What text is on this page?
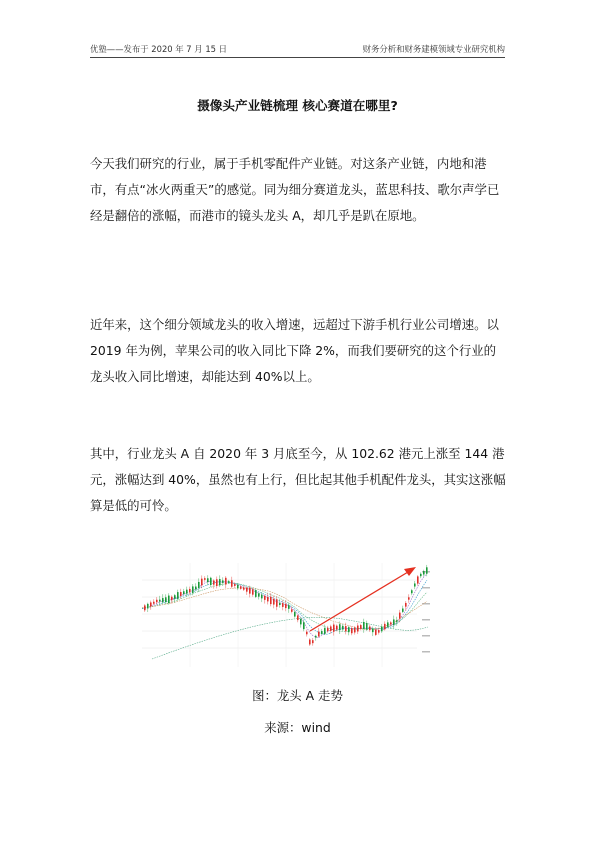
优塾——发布于 2020 年 7 月 15 日	财务分析和财务建模领域专业研究机构
摄像头产业链梳理 核心赛道在哪里?

今天我们研究的行业，属于手机零配件产业链。对这条产业链，内地和港市，有点“冰火两重天”的感觉。同为细分赛道龙头，蓝思科技、歌尔声学已经是翻倍的涨幅，而港市的镜头龙头 A，却几乎是趴在原地。

近年来，这个细分领域龙头的收入增速，远超过下游手机行业公司增速。以 2019 年为例，苹果公司的收入同比下降 2%，而我们要研究的这个行业的龙头收入同比增速，却能达到 40%以上。

其中，行业龙头 A 自 2020 年 3 月底至今，从 102.62 港元上涨至 144 港元，涨幅达到 40%，虽然也有上行，但比起其他手机配件龙头，其实这涨幅算是低的可怜。

图：龙头 A 走势
来源：wind
